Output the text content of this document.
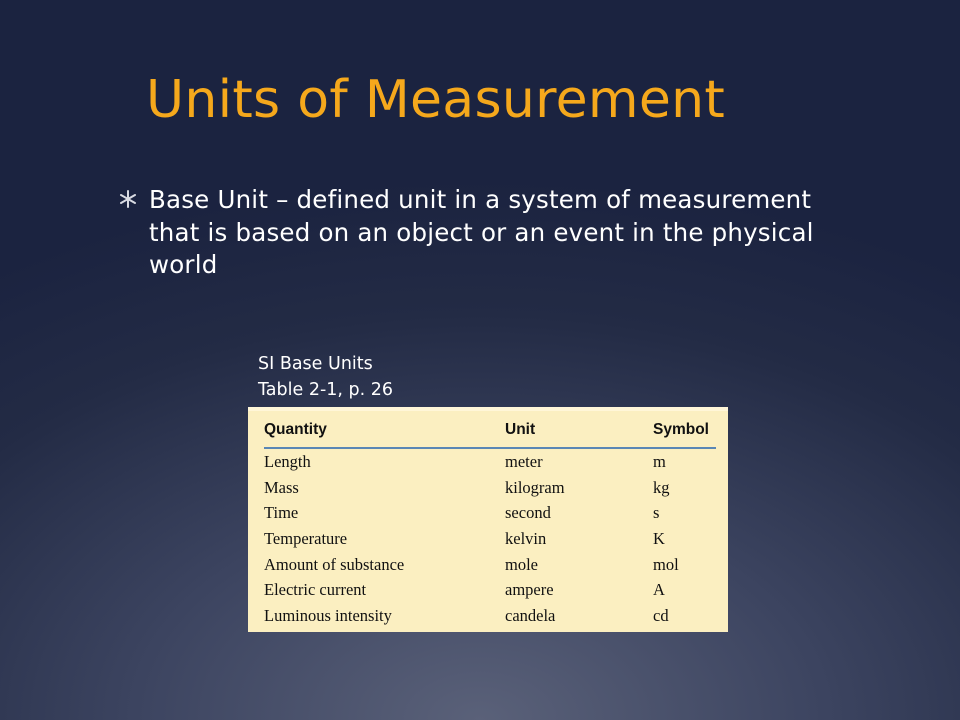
Units of Measurement
Base Unit – defined unit in a system of measurement that is based on an object or an event in the physical world
SI Base Units
Table 2-1, p. 26
Quantity	Unit	Symbol
Length	meter	m
Mass	kilogram	kg
Time	second	s
Temperature	kelvin	K
Amount of substance	mole	mol
Electric current	ampere	A
Luminous intensity	candela	cd
